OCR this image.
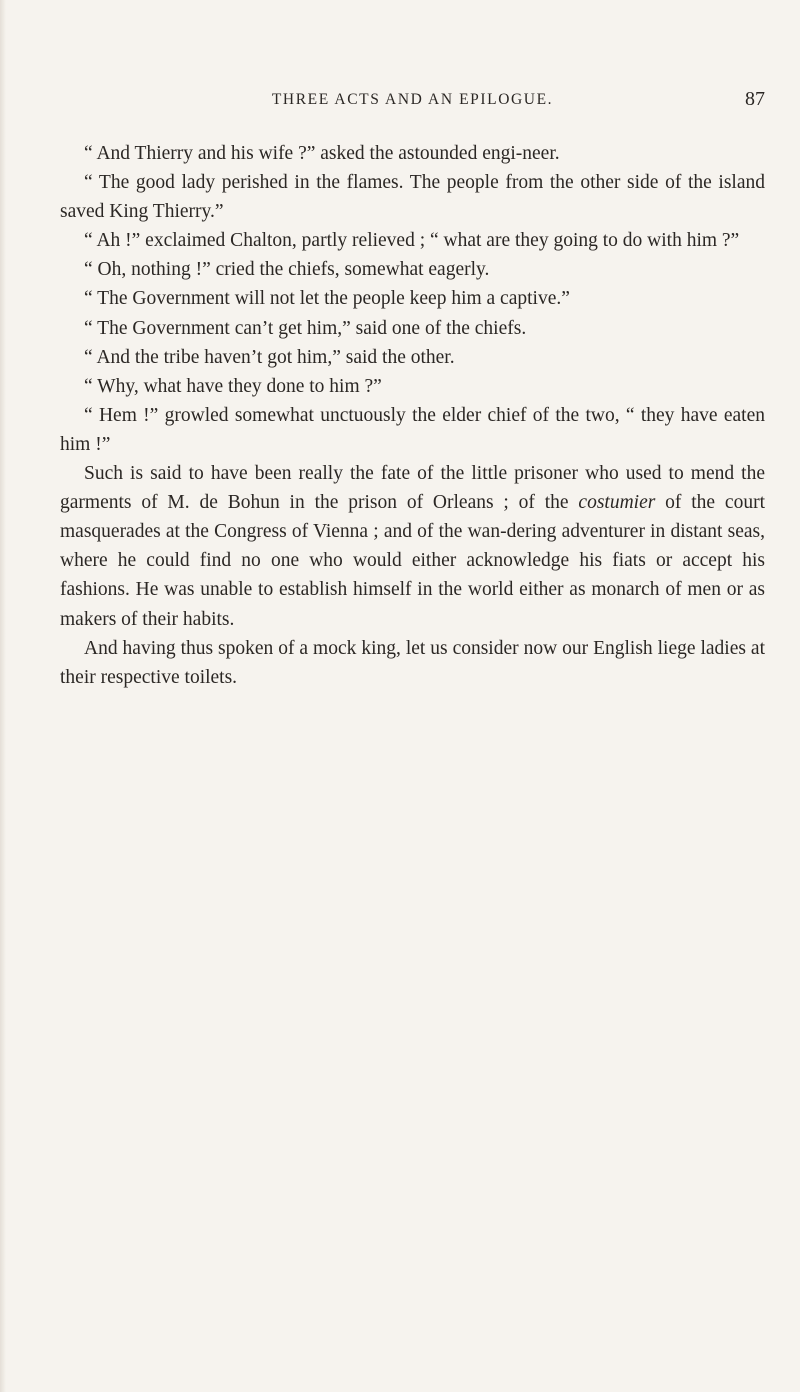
THREE ACTS AND AN EPILOGUE.	87

“ And Thierry and his wife ?” asked the astounded engi-neer.

“ The good lady perished in the flames. The people from the other side of the island saved King Thierry.”

“ Ah !” exclaimed Chalton, partly relieved ; “ what are they going to do with him ?”

“ Oh, nothing !” cried the chiefs, somewhat eagerly.

“ The Government will not let the people keep him a captive.”

“ The Government can’t get him,” said one of the chiefs.

“ And the tribe haven’t got him,” said the other.

“ Why, what have they done to him ?”

“ Hem !” growled somewhat unctuously the elder chief of the two, “ they have eaten him !”

Such is said to have been really the fate of the little prisoner who used to mend the garments of M. de Bohun in the prison of Orleans ; of the costumier of the court masquerades at the Congress of Vienna ; and of the wan-dering adventurer in distant seas, where he could find no one who would either acknowledge his fiats or accept his fashions. He was unable to establish himself in the world either as monarch of men or as makers of their habits.

And having thus spoken of a mock king, let us consider now our English liege ladies at their respective toilets.
